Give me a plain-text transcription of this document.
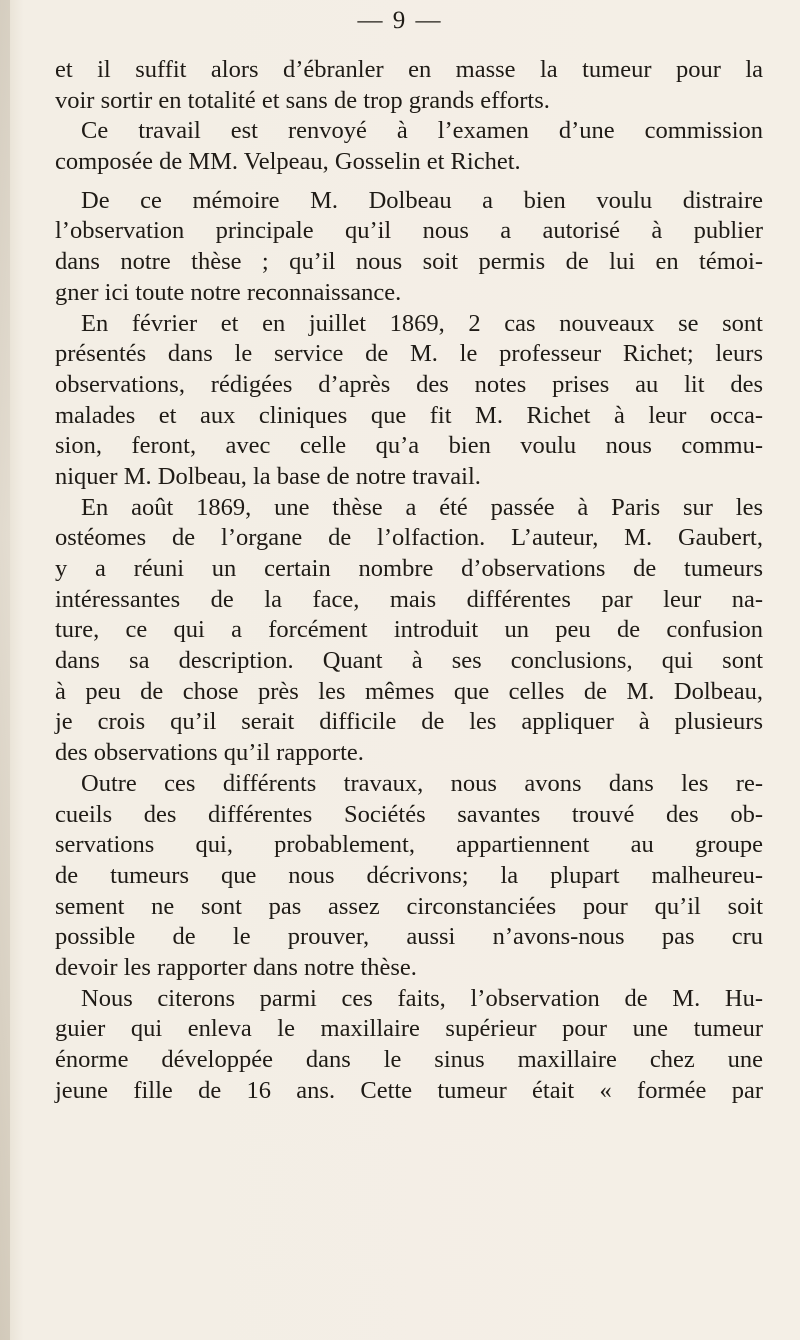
— 9 —
et il suffit alors d’ébranler en masse la tumeur pour la
voir sortir en totalité et sans de trop grands efforts.
Ce travail est renvoyé à l’examen d’une commission
composée de MM. Velpeau, Gosselin et Richet.
De ce mémoire M. Dolbeau a bien voulu distraire
l’observation principale qu’il nous a autorisé à publier
dans notre thèse ; qu’il nous soit permis de lui en témoi-
gner ici toute notre reconnaissance.
En février et en juillet 1869, 2 cas nouveaux se sont
présentés dans le service de M. le professeur Richet; leurs
observations, rédigées d’après des notes prises au lit des
malades et aux cliniques que fit M. Richet à leur occa-
sion, feront, avec celle qu’a bien voulu nous commu-
niquer M. Dolbeau, la base de notre travail.
En août 1869, une thèse a été passée à Paris sur les
ostéomes de l’organe de l’olfaction. L’auteur, M. Gaubert,
y a réuni un certain nombre d’observations de tumeurs
intéressantes de la face, mais différentes par leur na-
ture, ce qui a forcément introduit un peu de confusion
dans sa description. Quant à ses conclusions, qui sont
à peu de chose près les mêmes que celles de M. Dolbeau,
je crois qu’il serait difficile de les appliquer à plusieurs
des observations qu’il rapporte.
Outre ces différents travaux, nous avons dans les re-
cueils des différentes Sociétés savantes trouvé des ob-
servations qui, probablement, appartiennent au groupe
de tumeurs que nous décrivons; la plupart malheureu-
sement ne sont pas assez circonstanciées pour qu’il soit
possible de le prouver, aussi n’avons-nous pas cru
devoir les rapporter dans notre thèse.
Nous citerons parmi ces faits, l’observation de M. Hu-
guier qui enleva le maxillaire supérieur pour une tumeur
énorme développée dans le sinus maxillaire chez une
jeune fille de 16 ans. Cette tumeur était « formée par
